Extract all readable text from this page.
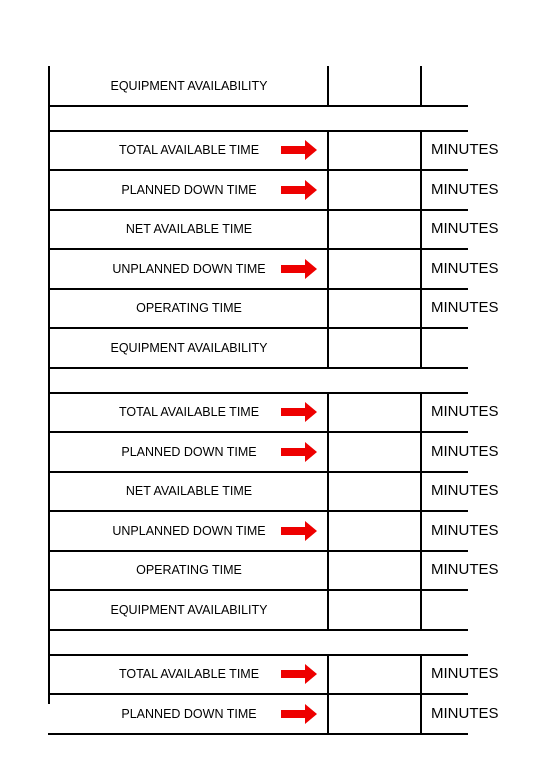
EQUIPMENT AVAILABILITY
TOTAL AVAILABLE TIME	MINUTES
PLANNED DOWN TIME	MINUTES
NET AVAILABLE TIME	MINUTES
UNPLANNED DOWN TIME	MINUTES
OPERATING TIME	MINUTES
EQUIPMENT AVAILABILITY
TOTAL AVAILABLE TIME	MINUTES
PLANNED DOWN TIME	MINUTES
NET AVAILABLE TIME	MINUTES
UNPLANNED DOWN TIME	MINUTES
OPERATING TIME	MINUTES
EQUIPMENT AVAILABILITY
TOTAL AVAILABLE TIME	MINUTES
PLANNED DOWN TIME	MINUTES
